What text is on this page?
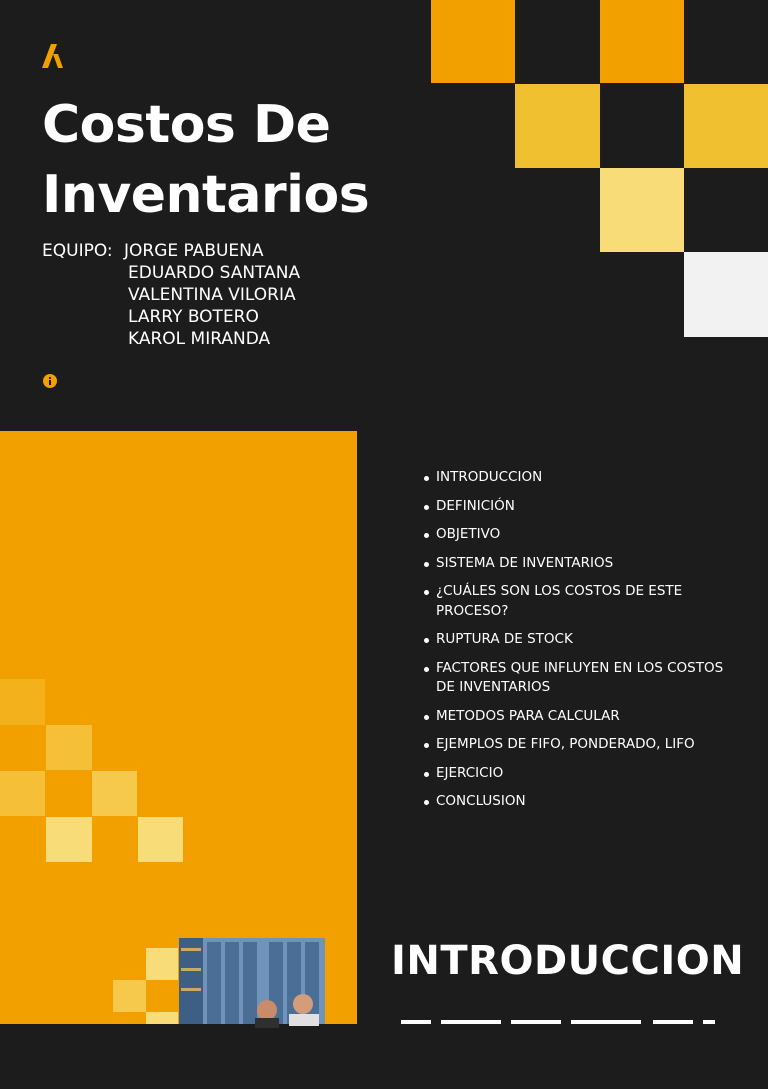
Costos De
Inventarios
EQUIPO: JORGE PABUENA
EDUARDO SANTANA
VALENTINA VILORIA
LARRY BOTERO
KAROL MIRANDA
Índice
INTRODUCCION
DEFINICIÓN
OBJETIVO
SISTEMA DE INVENTARIOS
¿CUÁLES SON LOS COSTOS DE ESTE PROCESO?
RUPTURA DE STOCK
FACTORES QUE INFLUYEN EN LOS COSTOS DE INVENTARIOS
METODOS PARA CALCULAR
EJEMPLOS DE FIFO, PONDERADO, LIFO
EJERCICIO
CONCLUSION
INTRODUCCION
